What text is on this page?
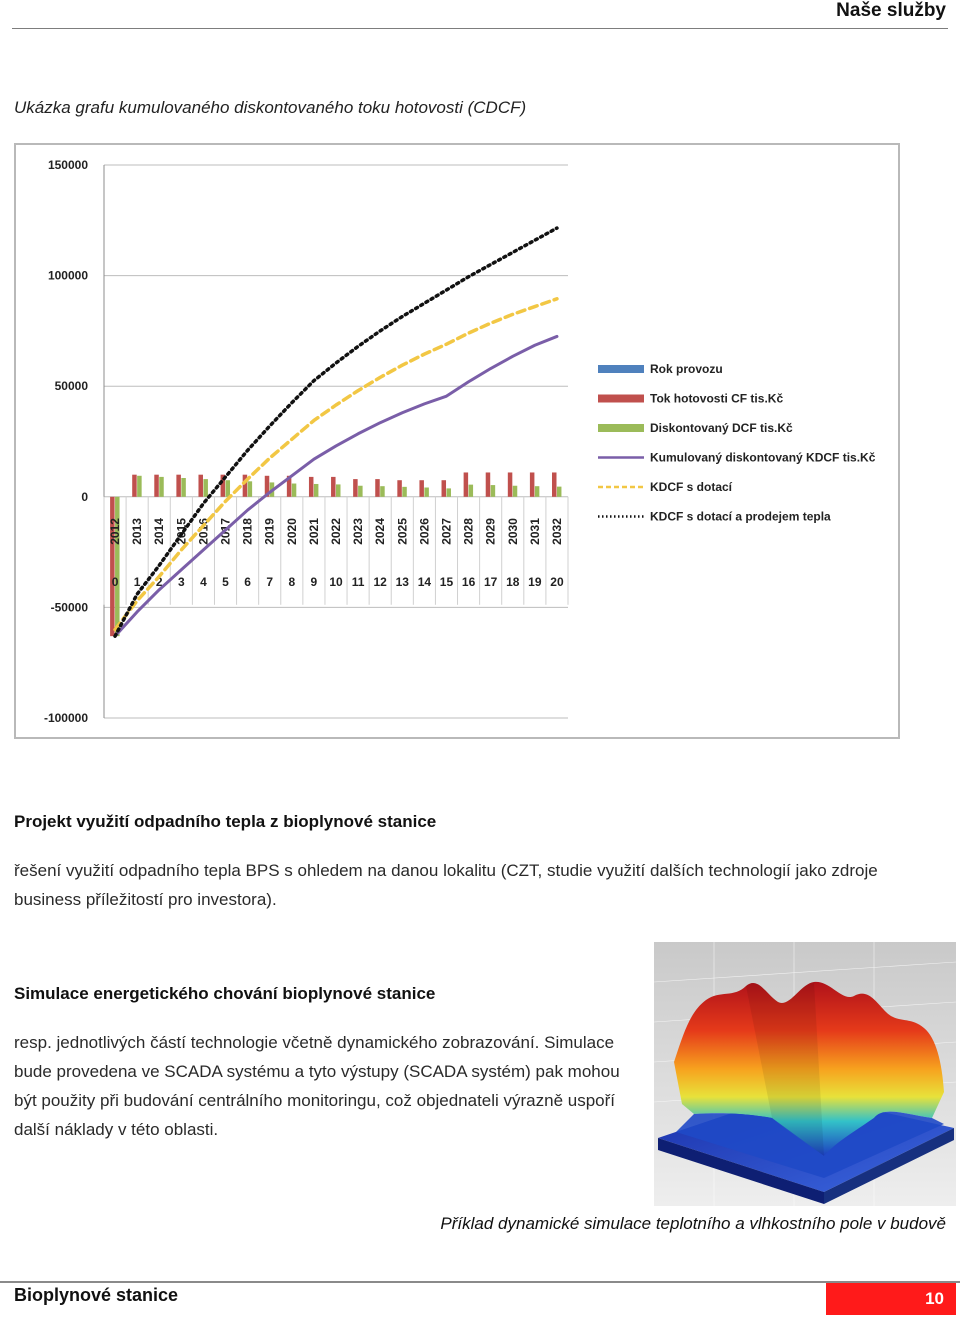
Naše služby
Ukázka grafu kumulovaného diskontovaného toku hotovosti (CDCF)
150000
100000
50000
0
-50000
-100000
2012 2013 2014 2015 2016 2017 2018 2019 2020 2021 2022 2023 2024 2025 2026 2027 2028 2029 2030 2031 2032
0 1 2 3 4 5 6 7 8 9 10 11 12 13 14 15 16 17 18 19 20
Rok provozu
Tok hotovosti CF tis.Kč
Diskontovaný DCF tis.Kč
Kumulovaný diskontovaný KDCF tis.Kč
KDCF s dotací
KDCF s dotací a prodejem tepla
Projekt využití odpadního tepla z bioplynové stanice
řešení využití odpadního tepla BPS s ohledem na danou lokalitu (CZT, studie využití dalších technologií jako zdroje business příležitostí pro investora).
Simulace energetického chování bioplynové stanice
resp. jednotlivých částí technologie včetně dynamického zobrazování. Simulace bude provedena ve SCADA systému a tyto výstupy (SCADA systém) pak mohou být použity při budování centrálního monitoringu, což objednateli výrazně uspoří další náklady v této oblasti.
Příklad dynamické simulace teplotního a vlhkostního pole v budově
Bioplynové stanice	10
